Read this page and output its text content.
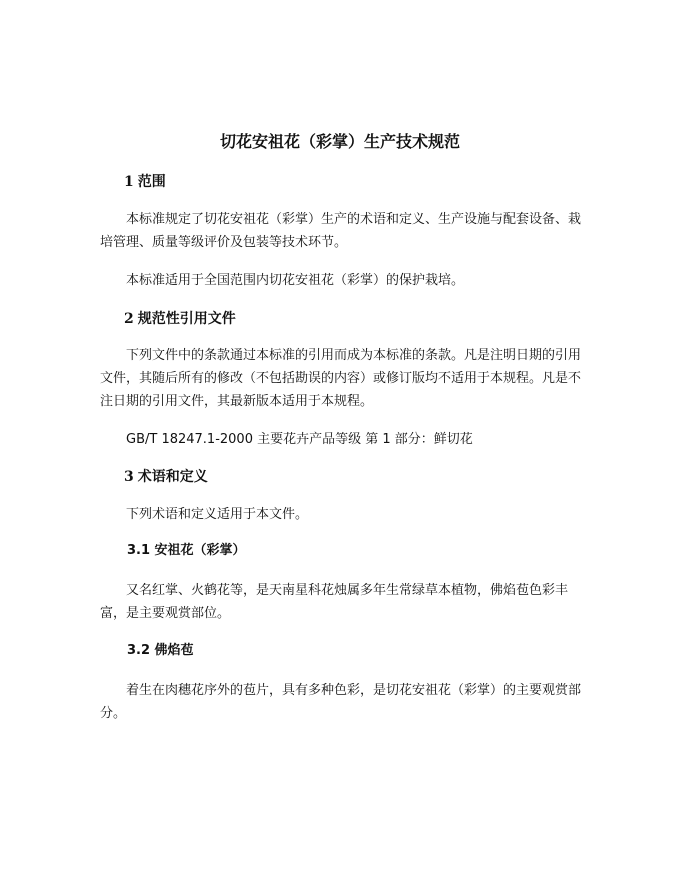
切花安祖花（彩掌）生产技术规范
1 范围

本标准规定了切花安祖花（彩掌）生产的术语和定义、生产设施与配套设备、栽培管理、质量等级评价及包装等技术环节。

本标准适用于全国范围内切花安祖花（彩掌）的保护栽培。

2 规范性引用文件

下列文件中的条款通过本标准的引用而成为本标准的条款。凡是注明日期的引用文件，其随后所有的修改（不包括勘误的内容）或修订版均不适用于本规程。凡是不注日期的引用文件，其最新版本适用于本规程。

GB/T 18247.1-2000 主要花卉产品等级 第 1 部分：鲜切花

3 术语和定义

下列术语和定义适用于本文件。

3.1 安祖花（彩掌）

又名红掌、火鹤花等，是天南星科花烛属多年生常绿草本植物，佛焰苞色彩丰富，是主要观赏部位。

3.2 佛焰苞

着生在肉穗花序外的苞片，具有多种色彩，是切花安祖花（彩掌）的主要观赏部分。
